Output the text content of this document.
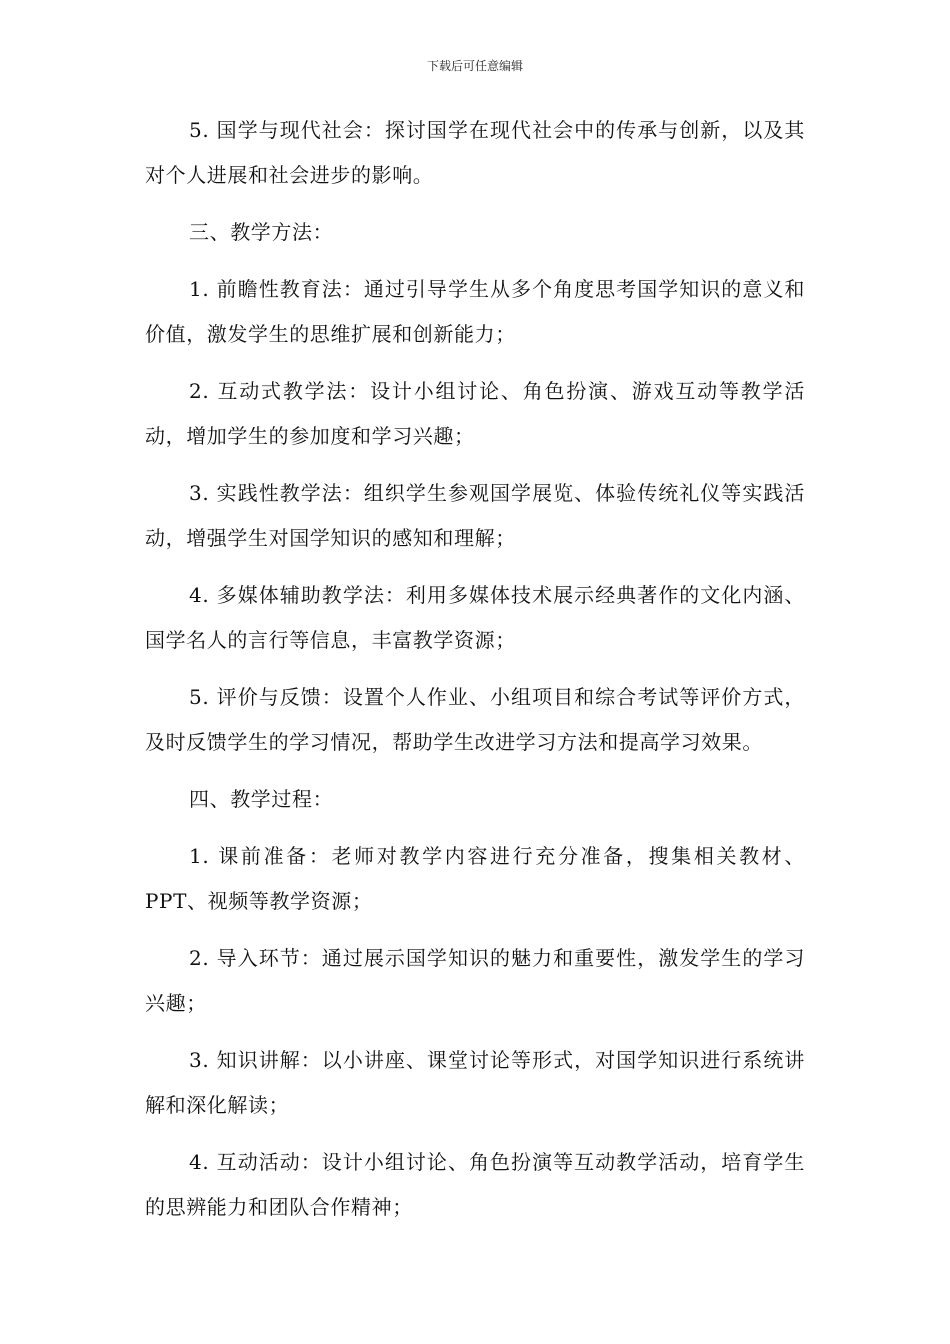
下载后可任意编辑

5. 国学与现代社会：探讨国学在现代社会中的传承与创新，以及其对个人进展和社会进步的影响。

三、教学方法：

1. 前瞻性教育法：通过引导学生从多个角度思考国学知识的意义和价值，激发学生的思维扩展和创新能力；

2. 互动式教学法：设计小组讨论、角色扮演、游戏互动等教学活动，增加学生的参加度和学习兴趣；

3. 实践性教学法：组织学生参观国学展览、体验传统礼仪等实践活动，增强学生对国学知识的感知和理解；

4. 多媒体辅助教学法：利用多媒体技术展示经典著作的文化内涵、国学名人的言行等信息，丰富教学资源；

5. 评价与反馈：设置个人作业、小组项目和综合考试等评价方式，及时反馈学生的学习情况，帮助学生改进学习方法和提高学习效果。

四、教学过程：

1. 课前准备：老师对教学内容进行充分准备，搜集相关教材、PPT、视频等教学资源；

2. 导入环节：通过展示国学知识的魅力和重要性，激发学生的学习兴趣；

3. 知识讲解：以小讲座、课堂讨论等形式，对国学知识进行系统讲解和深化解读；

4. 互动活动：设计小组讨论、角色扮演等互动教学活动，培育学生的思辨能力和团队合作精神；
